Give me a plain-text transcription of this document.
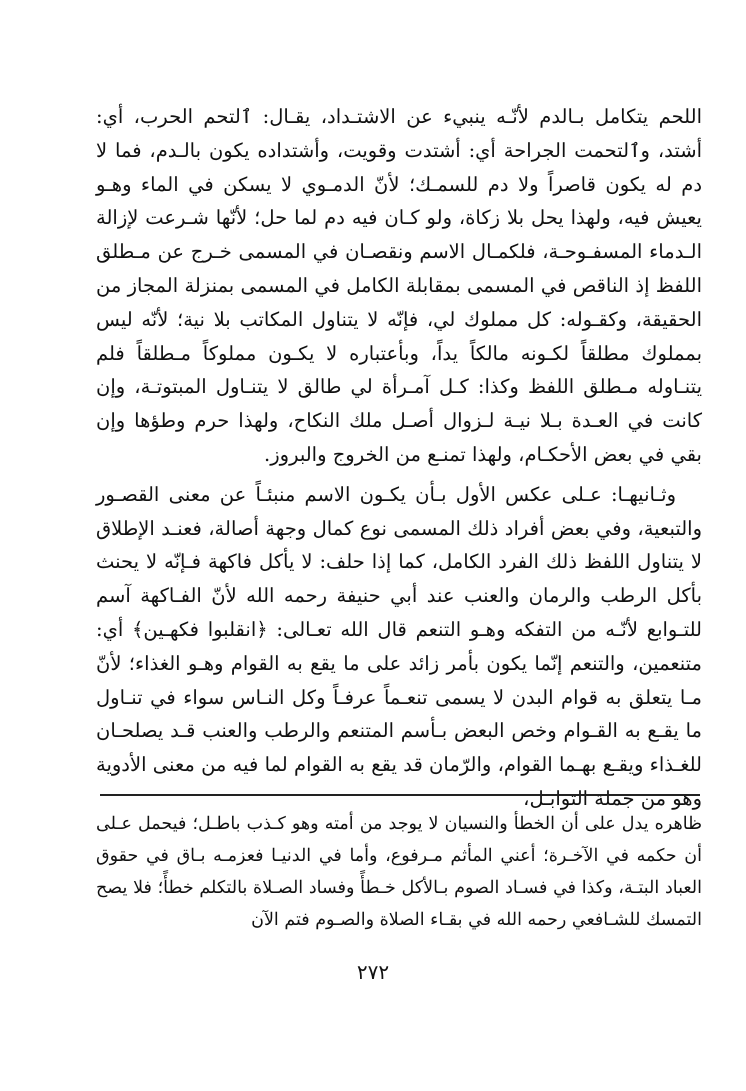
اللحم يتكامل بـالدم لأنّـه ينبيء عن الاشتـداد، يقـال: ٱلتحم الحرب، أي: أشتد، وٱلتحمت الجراحة أي: أشتدت وقويت، وأشتداده يكون بالـدم، فما لا دم له يكون قاصراً ولا دم للسمـك؛ لأنّ الدمـوي لا يسكن في الماء وهـو يعيش فيه، ولهذا يحل بلا زكاة، ولو كـان فيه دم لما حل؛ لأنّها شـرعت لإزالة الـدماء المسفـوحـة، فلكمـال الاسم ونقصـان في المسمى خـرج عن مـطلق اللفظ إذ الناقص في المسمى بمقابلة الكامل في المسمى بمنزلة المجاز من الحقيقة، وكقـوله: كل مملوك لي، فإنّه لا يتناول المكاتب بلا نية؛ لأنّه ليس بمملوك مطلقاً لكـونه مالكاً يداً، وبأعتباره لا يكـون مملوكاً مـطلقاً فلم يتنـاوله مـطلق اللفظ وكذا: كـل آمـرأة لي طالق لا يتنـاول المبتوتـة، وإن كانت في العـدة بـلا نيـة لـزوال أصـل ملك النكاح، ولهذا حرم وطؤها وإن بقي في بعض الأحكـام، ولهذا تمنـع من الخروج والبروز.

وثـانيهـا: عـلى عكس الأول بـأن يكـون الاسم منبئـاً عن معنى القصـور والتبعية، وفي بعض أفراد ذلك المسمى نوع كمال وجهة أصالة، فعنـد الإطلاق لا يتناول اللفظ ذلك الفرد الكامل، كما إذا حلف: لا يأكل فاكهة فـإنّه لا يحنث بأكل الرطب والرمان والعنب عند أبي حنيفة رحمه الله لأنّ الفـاكهة آسم للتـوابع لأنّـه من التفكه وهـو التنعم قال الله تعـالى: ﴿انقلبوا فكهـين﴾ أي: متنعمين، والتنعم إنّما يكون بأمر زائد على ما يقع به القوام وهـو الغذاء؛ لأنّ مـا يتعلق به قوام البدن لا يسمى تنعـماً عرفـاً وكل النـاس سواء في تنـاول ما يقـع به القـوام وخص البعض بـأسم المتنعم والرطب والعنب قـد يصلحـان للغـذاء ويقـع بهـما القوام، والرّمان قد يقع به القوام لما فيه من معنى الأدوية وهو من جملة التوابـل،

ظاهره يدل على أن الخطأ والنسيان لا يوجد من أمته وهو كـذب باطـل؛ فيحمل عـلى أن حكمه في الآخـرة؛ أعني المأثم مـرفوع، وأما في الدنيـا فعزمـه بـاق في حقوق العباد البتـة، وكذا في فسـاد الصوم بـالأكل خـطأً وفساد الصـلاة بالتكلم خطأً؛ فلا يصح التمسك للشـافعي رحمه الله في بقـاء الصلاة والصـوم فتم الآن

٢٧٢
